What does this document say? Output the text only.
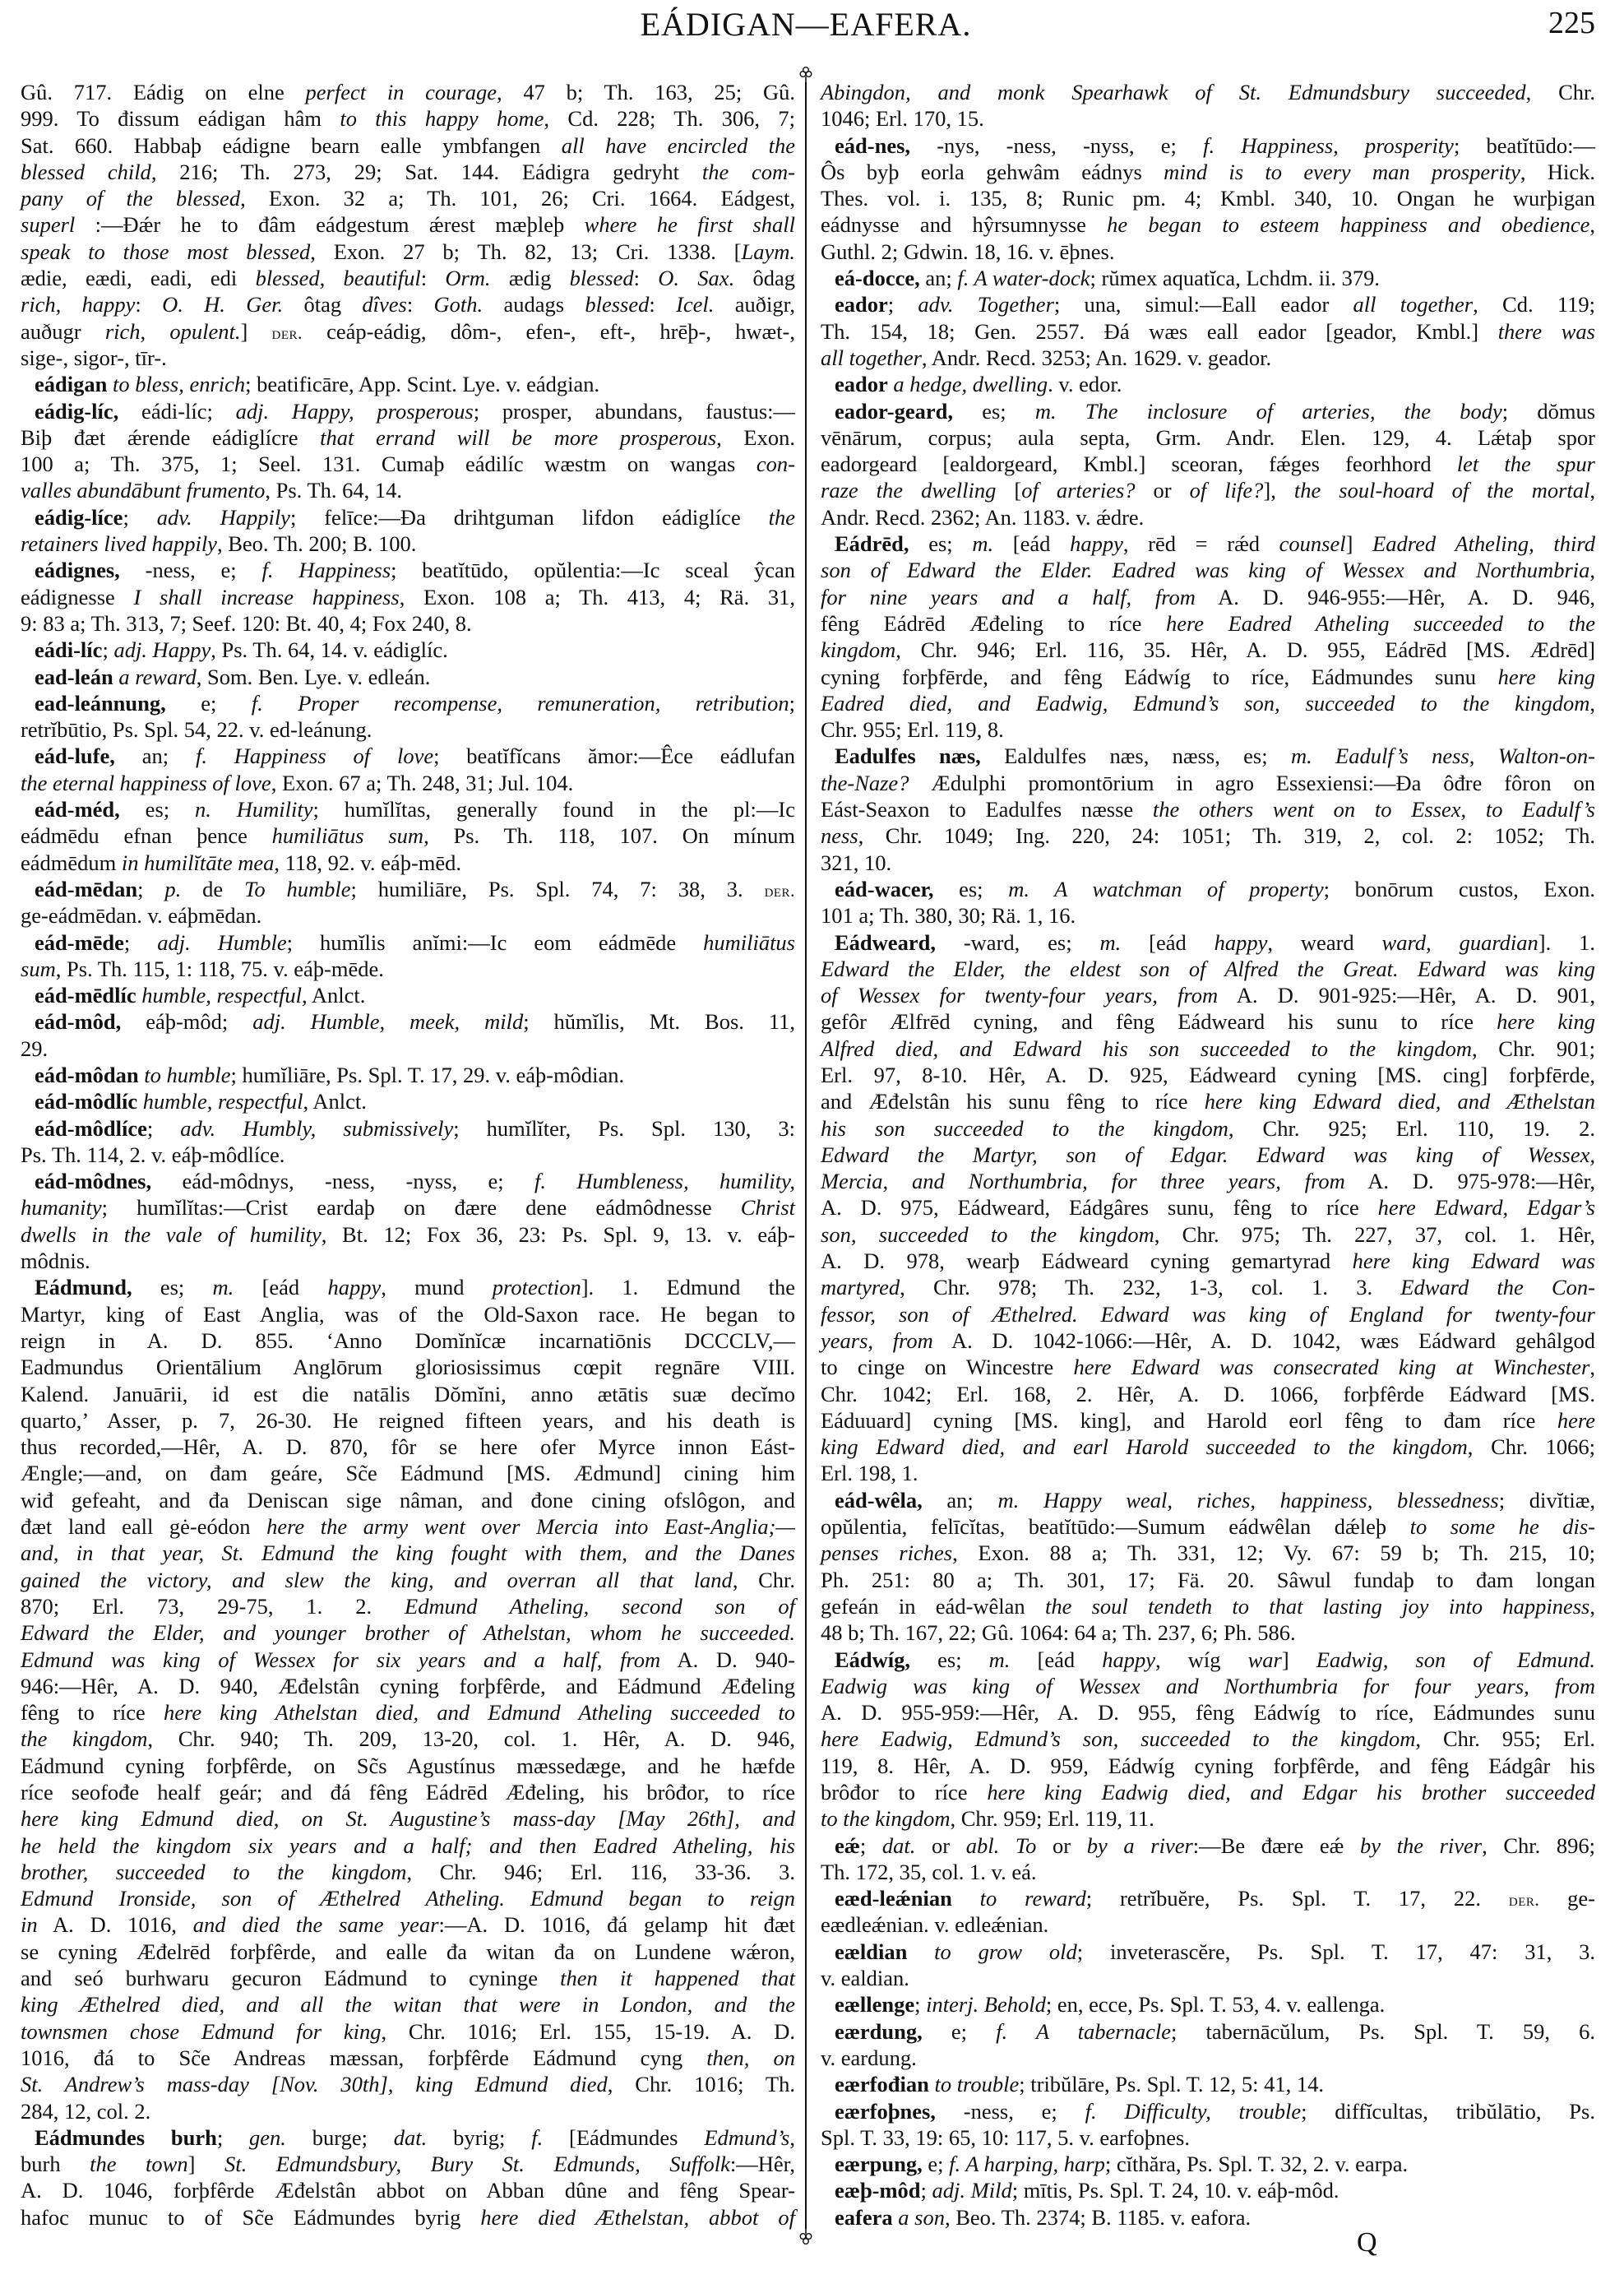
EÁDIGAN—EAFERA.	225
Gû. 717. Eádig on elne perfect in courage, 47 b; Th. 163, 25; Gû.
999. To đissum eádigan hâm to this happy home, Cd. 228; Th. 306, 7;
Sat. 660. Habbaþ eádigne bearn ealle ymbfangen all have encircled the
blessed child, 216; Th. 273, 29; Sat. 144. Eádigra gedryht the com-
pany of the blessed, Exon. 32 a; Th. 101, 26; Cri. 1664. Eádgest,
superl :—Đǽr he to đâm eádgestum ǽrest mæþleþ where he first shall
speak to those most blessed, Exon. 27 b; Th. 82, 13; Cri. 1338. [Laym.
ædie, eædi, eadi, edi blessed, beautiful: Orm. ædig blessed: O. Sax. ôdag
rich, happy: O. H. Ger. ôtag dîves: Goth. audags blessed: Icel. auðigr,
auðugr rich, opulent.] der. ceáp-eádig, dôm-, efen-, eft-, hrēþ-, hwæt-,
sige-, sigor-, tīr-.
eádigan to bless, enrich; beatificāre, App. Scint. Lye. v. eádgian.
eádig-líc, eádi-líc; adj. Happy, prosperous; prosper, abundans, faustus:—
Biþ đæt ǽrende eádiglícre that errand will be more prosperous, Exon.
100 a; Th. 375, 1; Seel. 131. Cumaþ eádilíc wæstm on wangas con-
valles abundābunt frumento, Ps. Th. 64, 14.
eádig-líce; adv. Happily; felīce:—Đa drihtguman lifdon eádiglíce the
retainers lived happily, Beo. Th. 200; B. 100.
eádignes, -ness, e; f. Happiness; beatĭtūdo, opŭlentia:—Ic sceal ŷcan
eádignesse I shall increase happiness, Exon. 108 a; Th. 413, 4; Rä. 31,
9: 83 a; Th. 313, 7; Seef. 120: Bt. 40, 4; Fox 240, 8.
eádi-líc; adj. Happy, Ps. Th. 64, 14. v. eádiglíc.
ead-leán a reward, Som. Ben. Lye. v. edleán.
ead-leánnung, e; f. Proper recompense, remuneration, retribution;
retrĭbūtio, Ps. Spl. 54, 22. v. ed-leánung.
eád-lufe, an; f. Happiness of love; beatĭfĭcans ămor:—Êce eádlufan
the eternal happiness of love, Exon. 67 a; Th. 248, 31; Jul. 104.
eád-méd, es; n. Humility; humĭlĭtas, generally found in the pl:—Ic
eádmēdu efnan þence humiliātus sum, Ps. Th. 118, 107. On mínum
eádmēdum in humilĭtāte mea, 118, 92. v. eáþ-mēd.
eád-mēdan; p. de To humble; humiliāre, Ps. Spl. 74, 7: 38, 3. der.
ge-eádmēdan. v. eáþmēdan.
eád-mēde; adj. Humble; humĭlis anĭmi:—Ic eom eádmēde humiliātus
sum, Ps. Th. 115, 1: 118, 75. v. eáþ-mēde.
eád-mēdlíc humble, respectful, Anlct.
eád-môd, eáþ-môd; adj. Humble, meek, mild; hŭmĭlis, Mt. Bos. 11,
29.
eád-môdan to humble; humĭliāre, Ps. Spl. T. 17, 29. v. eáþ-môdian.
eád-môdlíc humble, respectful, Anlct.
eád-môdlíce; adv. Humbly, submissively; humĭlĭter, Ps. Spl. 130, 3:
Ps. Th. 114, 2. v. eáþ-môdlíce.
eád-môdnes, eád-môdnys, -ness, -nyss, e; f. Humbleness, humility,
humanity; humĭlĭtas:—Crist eardaþ on đære dene eádmôdnesse Christ
dwells in the vale of humility, Bt. 12; Fox 36, 23: Ps. Spl. 9, 13. v. eáþ-
môdnis.
Eádmund, es; m. [eád happy, mund protection]. 1. Edmund the
Martyr, king of East Anglia, was of the Old-Saxon race. He began to
reign in A. D. 855. ‘Anno Domĭnĭcæ incarnatiōnis DCCCLV,—
Eadmundus Orientālium Anglōrum gloriosissimus cœpit regnāre VIII.
Kalend. Januārii, id est die natālis Dŏmĭni, anno ætātis suæ decĭmo
quarto,’ Asser, p. 7, 26-30. He reigned fifteen years, and his death is
thus recorded,—Hêr, A. D. 870, fôr se here ofer Myrce innon Eást-
Ængle;—and, on đam geáre, Sc̃e Eádmund [MS. Ædmund] cining him
wiđ gefeaht, and đa Deniscan sige nâman, and đone cining ofslôgon, and
đæt land eall gė-eódon here the army went over Mercia into East-Anglia;—
and, in that year, St. Edmund the king fought with them, and the Danes
gained the victory, and slew the king, and overran all that land, Chr.
870; Erl. 73, 29-75, 1. 2. Edmund Atheling, second son of
Edward the Elder, and younger brother of Athelstan, whom he succeeded.
Edmund was king of Wessex for six years and a half, from A. D. 940-
946:—Hêr, A. D. 940, Æđelstân cyning forþfêrde, and Eádmund Æđeling
fêng to ríce here king Athelstan died, and Edmund Atheling succeeded to
the kingdom, Chr. 940; Th. 209, 13-20, col. 1. Hêr, A. D. 946,
Eádmund cyning forþfêrde, on Sc̃s Agustínus mæssedæge, and he hæfde
ríce seofođe healf geár; and đá fêng Eádrēd Æđeling, his brôđor, to ríce
here king Edmund died, on St. Augustine’s mass-day [May 26th], and
he held the kingdom six years and a half; and then Eadred Atheling, his
brother, succeeded to the kingdom, Chr. 946; Erl. 116, 33-36. 3.
Edmund Ironside, son of Æthelred Atheling. Edmund began to reign
in A. D. 1016, and died the same year:—A. D. 1016, đá gelamp hit đæt
se cyning Æđelrēd forþfêrde, and ealle đa witan đa on Lundene wǽron,
and seó burhwaru gecuron Eádmund to cyninge then it happened that
king Æthelred died, and all the witan that were in London, and the
townsmen chose Edmund for king, Chr. 1016; Erl. 155, 15-19. A. D.
1016, đá to Sc̃e Andreas mæssan, forþfêrde Eádmund cyng then, on
St. Andrew’s mass-day [Nov. 30th], king Edmund died, Chr. 1016; Th.
284, 12, col. 2.
Eádmundes burh; gen. burge; dat. byrig; f. [Eádmundes Edmund’s,
burh the town] St. Edmundsbury, Bury St. Edmunds, Suffolk:—Hêr,
A. D. 1046, forþfêrde Æđelstân abbot on Abban dûne and fêng Spear-
hafoc munuc to of Sc̃e Eádmundes byrig here died Æthelstan, abbot of
Abingdon, and monk Spearhawk of St. Edmundsbury succeeded, Chr.
1046; Erl. 170, 15.
eád-nes, -nys, -ness, -nyss, e; f. Happiness, prosperity; beatĭtūdo:—
Ôs byþ eorla gehwâm eádnys mind is to every man prosperity, Hick.
Thes. vol. i. 135, 8; Runic pm. 4; Kmbl. 340, 10. Ongan he wurþigan
eádnysse and hŷrsumnysse he began to esteem happiness and obedience,
Guthl. 2; Gdwin. 18, 16. v. ēþnes.
eá-docce, an; f. A water-dock; rŭmex aquatĭca, Lchdm. ii. 379.
eador; adv. Together; una, simul:—Eall eador all together, Cd. 119;
Th. 154, 18; Gen. 2557. Đá wæs eall eador [geador, Kmbl.] there was
all together, Andr. Recd. 3253; An. 1629. v. geador.
eador a hedge, dwelling. v. edor.
eador-geard, es; m. The inclosure of arteries, the body; dŏmus
vēnārum, corpus; aula septa, Grm. Andr. Elen. 129, 4. Lǽtaþ spor
eadorgeard [ealdorgeard, Kmbl.] sceoran, fǽges feorhhord let the spur
raze the dwelling [of arteries? or of life?], the soul-hoard of the mortal,
Andr. Recd. 2362; An. 1183. v. ǽdre.
Eádrēd, es; m. [eád happy, rēd = rǽd counsel] Eadred Atheling, third
son of Edward the Elder. Eadred was king of Wessex and Northumbria,
for nine years and a half, from A. D. 946-955:—Hêr, A. D. 946,
fêng Eádrēd Æđeling to ríce here Eadred Atheling succeeded to the
kingdom, Chr. 946; Erl. 116, 35. Hêr, A. D. 955, Eádrēd [MS. Ædrēd]
cyning forþfērde, and fêng Eádwíg to ríce, Eádmundes sunu here king
Eadred died, and Eadwig, Edmund’s son, succeeded to the kingdom,
Chr. 955; Erl. 119, 8.
Eadulfes næs, Ealdulfes næs, næss, es; m. Eadulf’s ness, Walton-on-
the-Naze? Ædulphi promontōrium in agro Essexiensi:—Đa ôđre fôron on
Eást-Seaxon to Eadulfes næsse the others went on to Essex, to Eadulf’s
ness, Chr. 1049; Ing. 220, 24: 1051; Th. 319, 2, col. 2: 1052; Th.
321, 10.
eád-wacer, es; m. A watchman of property; bonōrum custos, Exon.
101 a; Th. 380, 30; Rä. 1, 16.
Eádweard, -ward, es; m. [eád happy, weard ward, guardian]. 1.
Edward the Elder, the eldest son of Alfred the Great. Edward was king
of Wessex for twenty-four years, from A. D. 901-925:—Hêr, A. D. 901,
gefôr Ælfrēd cyning, and fêng Eádweard his sunu to ríce here king
Alfred died, and Edward his son succeeded to the kingdom, Chr. 901;
Erl. 97, 8-10. Hêr, A. D. 925, Eádweard cyning [MS. cing] forþfērde,
and Æđelstân his sunu fêng to ríce here king Edward died, and Æthelstan
his son succeeded to the kingdom, Chr. 925; Erl. 110, 19. 2.
Edward the Martyr, son of Edgar. Edward was king of Wessex,
Mercia, and Northumbria, for three years, from A. D. 975-978:—Hêr,
A. D. 975, Eádweard, Eádgâres sunu, fêng to ríce here Edward, Edgar’s
son, succeeded to the kingdom, Chr. 975; Th. 227, 37, col. 1. Hêr,
A. D. 978, wearþ Eádweard cyning gemartyrad here king Edward was
martyred, Chr. 978; Th. 232, 1-3, col. 1. 3. Edward the Con-
fessor, son of Æthelred. Edward was king of England for twenty-four
years, from A. D. 1042-1066:—Hêr, A. D. 1042, wæs Eádward gehâlgod
to cinge on Wincestre here Edward was consecrated king at Winchester,
Chr. 1042; Erl. 168, 2. Hêr, A. D. 1066, forþfêrde Eádward [MS.
Eáduuard] cyning [MS. king], and Harold eorl fêng to đam ríce here
king Edward died, and earl Harold succeeded to the kingdom, Chr. 1066;
Erl. 198, 1.
eád-wêla, an; m. Happy weal, riches, happiness, blessedness; divĭtiæ,
opŭlentia, felīcĭtas, beatĭtūdo:—Sumum eádwêlan dǽleþ to some he dis-
penses riches, Exon. 88 a; Th. 331, 12; Vy. 67: 59 b; Th. 215, 10;
Ph. 251: 80 a; Th. 301, 17; Fä. 20. Sâwul fundaþ to đam longan
gefeán in eád-wêlan the soul tendeth to that lasting joy into happiness,
48 b; Th. 167, 22; Gû. 1064: 64 a; Th. 237, 6; Ph. 586.
Eádwíg, es; m. [eád happy, wíg war] Eadwig, son of Edmund.
Eadwig was king of Wessex and Northumbria for four years, from
A. D. 955-959:—Hêr, A. D. 955, fêng Eádwíg to ríce, Eádmundes sunu
here Eadwig, Edmund’s son, succeeded to the kingdom, Chr. 955; Erl.
119, 8. Hêr, A. D. 959, Eádwíg cyning forþfêrde, and fêng Eádgâr his
brôđor to ríce here king Eadwig died, and Edgar his brother succeeded
to the kingdom, Chr. 959; Erl. 119, 11.
eǽ; dat. or abl. To or by a river:—Be đære eǽ by the river, Chr. 896;
Th. 172, 35, col. 1. v. eá.
eæd-leǽnian to reward; retrĭbuĕre, Ps. Spl. T. 17, 22. der. ge-
eædleǽnian. v. edleǽnian.
eældian to grow old; inveterascĕre, Ps. Spl. T. 17, 47: 31, 3.
v. ealdian.
eællenge; interj. Behold; en, ecce, Ps. Spl. T. 53, 4. v. eallenga.
eærdung, e; f. A tabernacle; tabernācŭlum, Ps. Spl. T. 59, 6.
v. eardung.
eærfođian to trouble; tribŭlāre, Ps. Spl. T. 12, 5: 41, 14.
eærfoþnes, -ness, e; f. Difficulty, trouble; diffĭcultas, tribŭlātio, Ps.
Spl. T. 33, 19: 65, 10: 117, 5. v. earfoþnes.
eærpung, e; f. A harping, harp; cĭthăra, Ps. Spl. T. 32, 2. v. earpa.
eæþ-môd; adj. Mild; mītis, Ps. Spl. T. 24, 10. v. eáþ-môd.
eafera a son, Beo. Th. 2374; B. 1185. v. eafora.
Q
